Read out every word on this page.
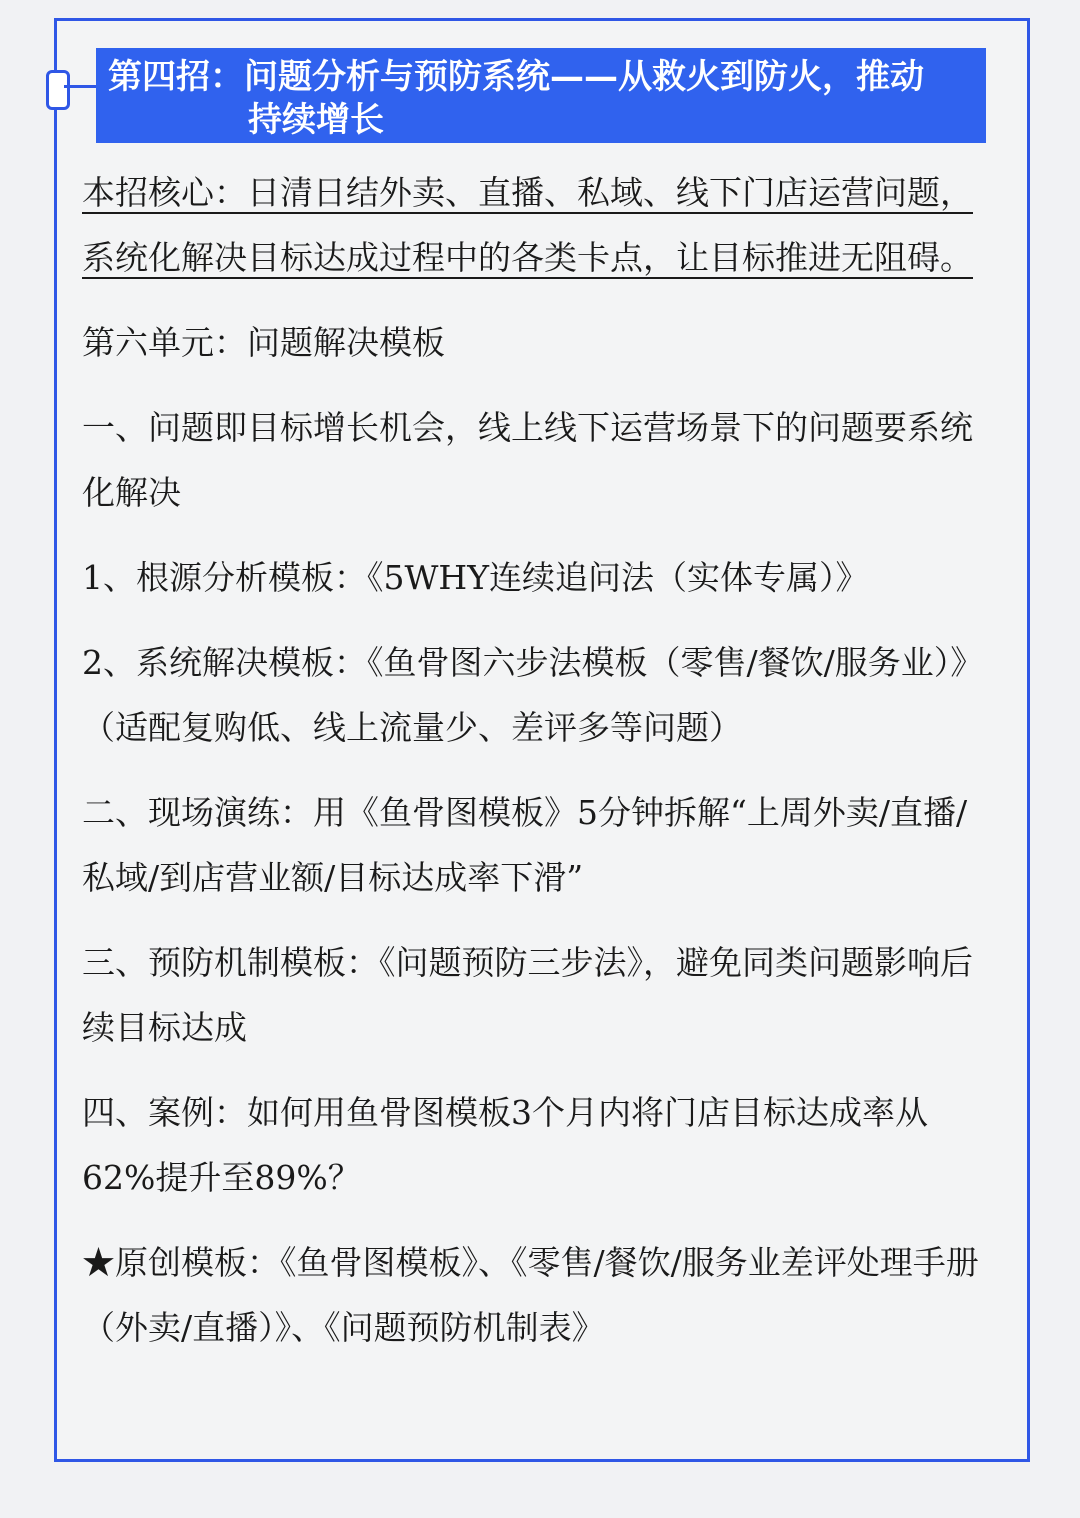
第四招：问题分析与预防系统——从救火到防火，推动
持续增长

本招核心：日清日结外卖、直播、私域、线下门店运营问题，系统化解决目标达成过程中的各类卡点，让目标推进无阻碍。

第六单元：问题解决模板

一、问题即目标增长机会，线上线下运营场景下的问题要系统化解决

1、根源分析模板：《5WHY连续追问法（实体专属）》

2、系统解决模板：《鱼骨图六步法模板（零售/餐饮/服务业）》（适配复购低、线上流量少、差评多等问题）

二、现场演练：用《鱼骨图模板》5分钟拆解“上周外卖/直播/私域/到店营业额/目标达成率下滑”

三、预防机制模板：《问题预防三步法》，避免同类问题影响后续目标达成

四、案例：如何用鱼骨图模板3个月内将门店目标达成率从62%提升至89%？

★原创模板：《鱼骨图模板》、《零售/餐饮/服务业差评处理手册（外卖/直播）》、《问题预防机制表》
